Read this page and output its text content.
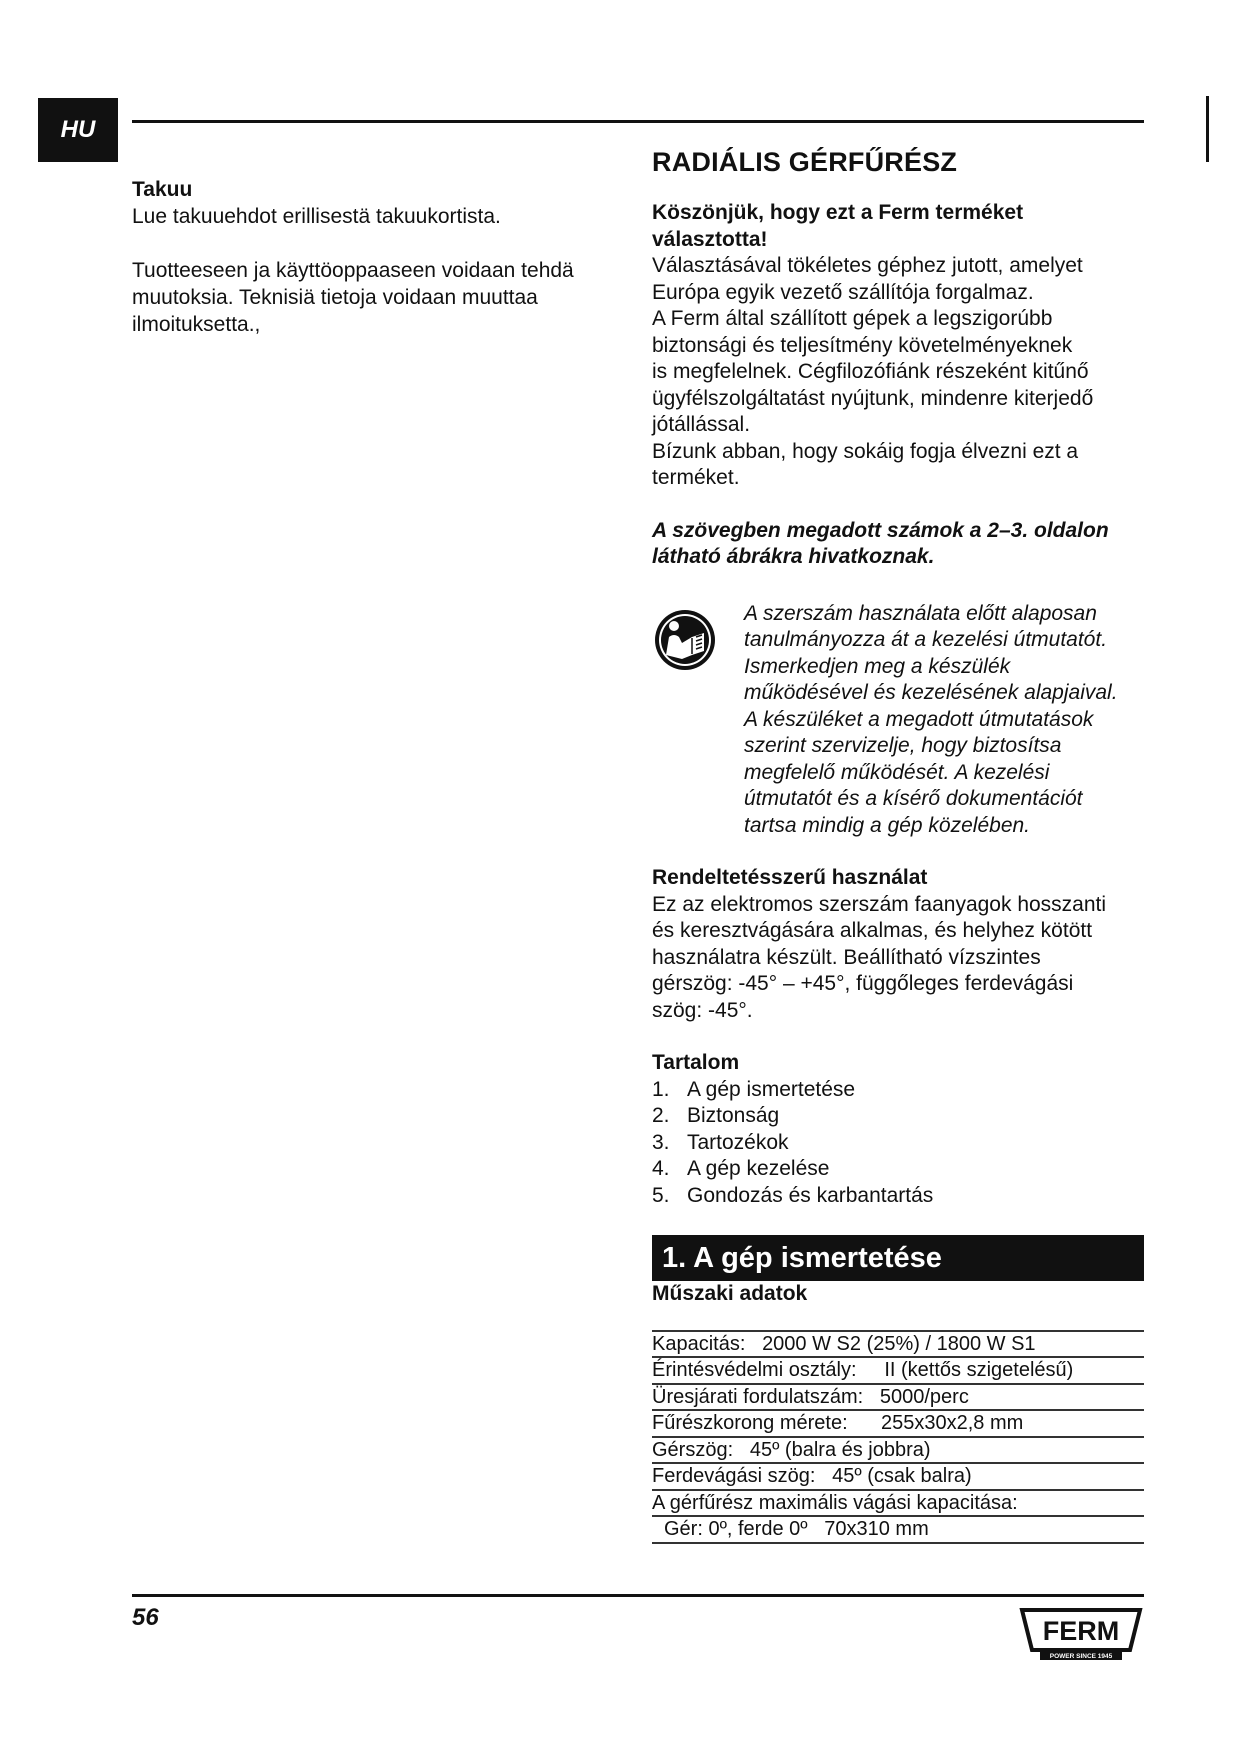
HU

Takuu

Lue takuuehdot erillisestä takuukortista.

Tuotteeseen ja käyttöoppaaseen voidaan tehdä

muutoksia. Teknisiä tietoja voidaan muuttaa

ilmoituksetta.,

RADIÁLIS GÉRFŰRÉSZ

Köszönjük, hogy ezt a Ferm terméket

választotta!

Választásával tökéletes géphez jutott, amelyet

Európa egyik vezető szállítója forgalmaz.

A Ferm által szállított gépek a legszigorúbb

biztonsági és teljesítmény követelményeknek

is megfelelnek. Cégfilozófiánk részeként kitűnő

ügyfélszolgáltatást nyújtunk, mindenre kiterjedő

jótállással.

Bízunk abban, hogy sokáig fogja élvezni ezt a

terméket.

A szövegben megadott számok a 2–3. oldalon

látható ábrákra hivatkoznak.

A szerszám használata előtt alaposan

tanulmányozza át a kezelési útmutatót.

Ismerkedjen meg a készülék

működésével és kezelésének alapjaival.

A készüléket a megadott útmutatások

szerint szervizelje, hogy biztosítsa

megfelelő működését. A kezelési

útmutatót és a kísérő dokumentációt

tartsa mindig a gép közelében.

Rendeltetésszerű használat

Ez az elektromos szerszám faanyagok hosszanti

és keresztvágására alkalmas, és helyhez kötött

használatra készült. Beállítható vízszintes

gérszög: -45° – +45°, függőleges ferdevágási

szög: -45°.

Tartalom

1. A gép ismertetése
2. Biztonság
3. Tartozékok
4. A gép kezelése
5. Gondozás és karbantartás
1. A gép ismertetése

Műszaki adatok

Kapacitás: 2000 W S2 (25%) / 1800 W S1
Érintésvédelmi osztály: II (kettős szigetelésű)
Üresjárati fordulatszám: 5000/perc
Fűrészkorong mérete: 255x30x2,8 mm
Gérszög: 45º (balra és jobbra)
Ferdevágási szög: 45º (csak balra)
A gérfűrész maximális vágási kapacitása:
Gér: 0º, ferde 0º 70x310 mm
56	FERM
POWER SINCE 1945
